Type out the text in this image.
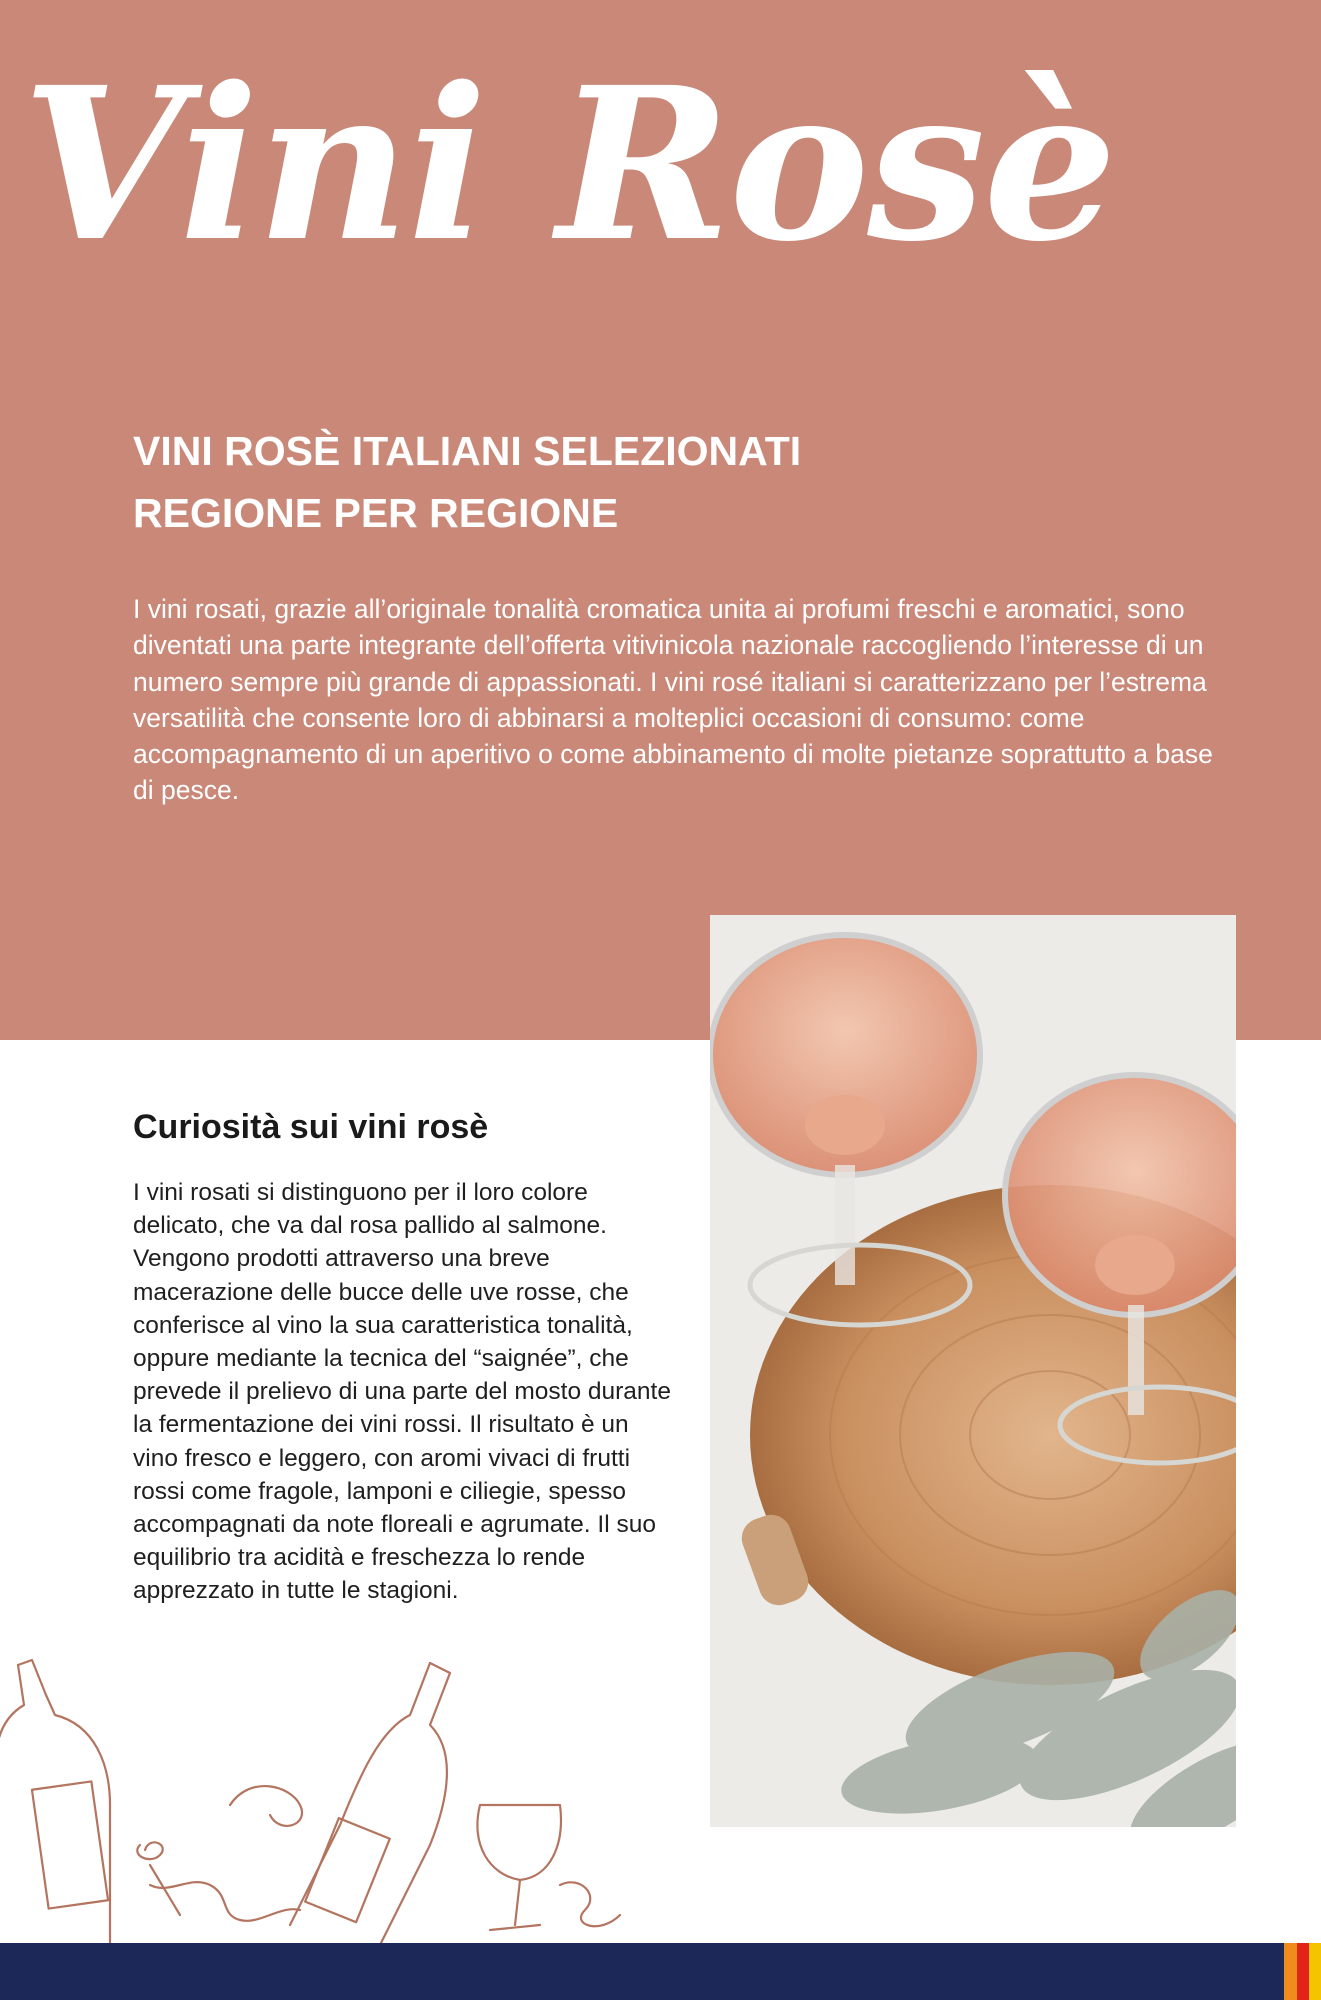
Vini Rosè
VINI ROSÈ ITALIANI SELEZIONATI
REGIONE PER REGIONE
I vini rosati, grazie all’originale tonalità cromatica unita ai profumi freschi e aromatici, sono diventati una parte integrante dell’offerta vitivinicola nazionale raccogliendo l’interesse di un numero sempre più grande di appassionati. I vini rosé italiani si caratterizzano per l’estrema versatilità che consente loro di abbinarsi a molteplici occasioni di consumo: come accompagnamento di un aperitivo o come abbinamento di molte pietanze soprattutto a base di pesce.
Curiosità sui vini rosè
I vini rosati si distinguono per il loro colore delicato, che va dal rosa pallido al salmone. Vengono prodotti attraverso una breve macerazione delle bucce delle uve rosse, che conferisce al vino la sua caratteristica tonalità, oppure mediante la tecnica del “saignée”, che prevede il prelievo di una parte del mosto durante la fermentazione dei vini rossi. Il risultato è un vino fresco e leggero, con aromi vivaci di frutti rossi come fragole, lamponi e ciliegie, spesso accompagnati da note floreali e agrumate. Il suo equilibrio tra acidità e freschezza lo rende apprezzato in tutte le stagioni.
